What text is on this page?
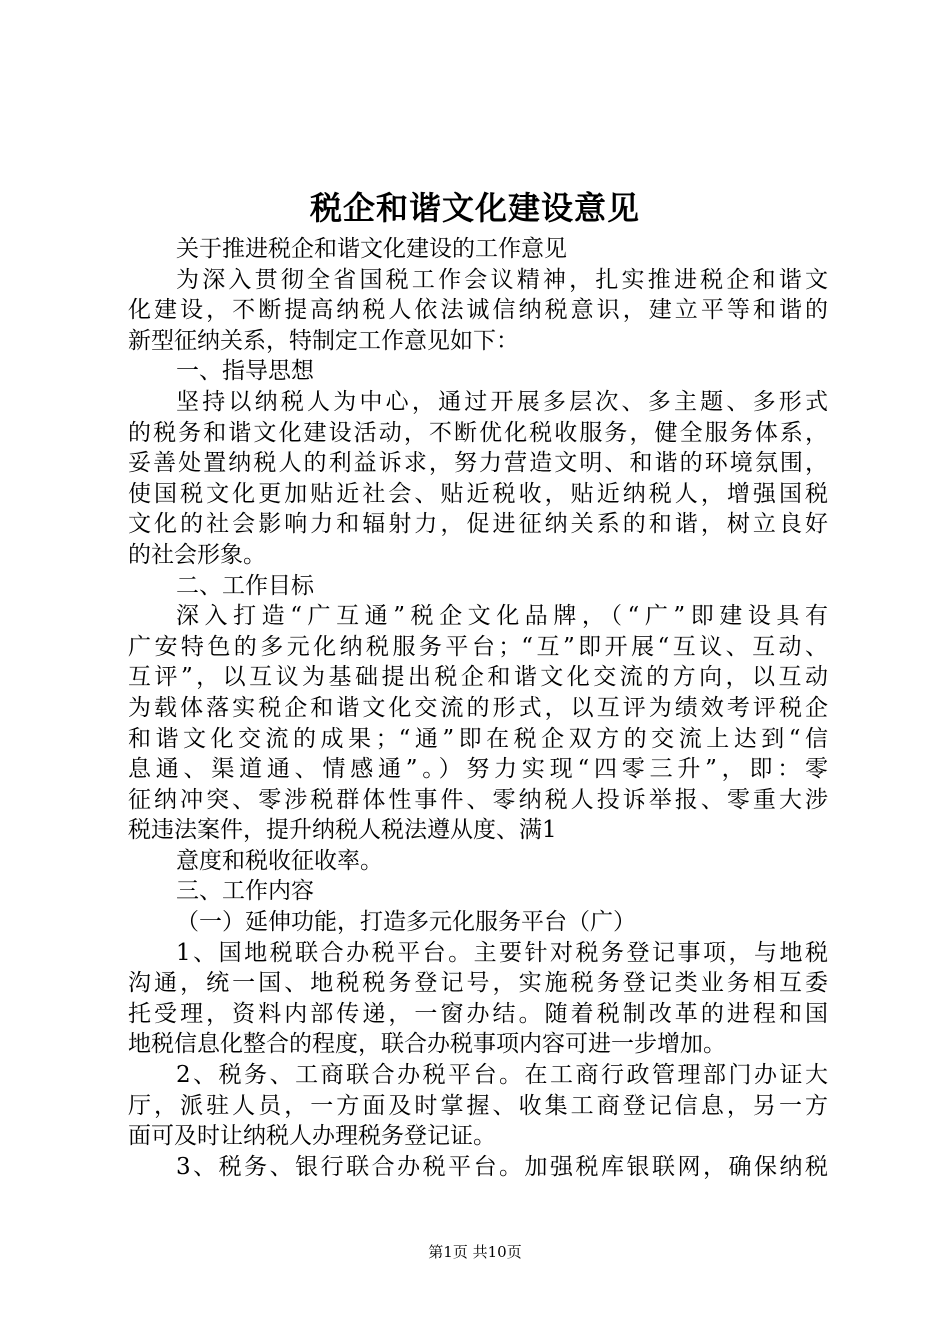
税企和谐文化建设意见
关于推进税企和谐文化建设的工作意见
为深入贯彻全省国税工作会议精神，扎实推进税企和谐文
化建设，不断提高纳税人依法诚信纳税意识，建立平等和谐的
新型征纳关系，特制定工作意见如下：
一、指导思想
坚持以纳税人为中心，通过开展多层次、多主题、多形式
的税务和谐文化建设活动，不断优化税收服务，健全服务体系，
妥善处置纳税人的利益诉求，努力营造文明、和谐的环境氛围，
使国税文化更加贴近社会、贴近税收，贴近纳税人，增强国税
文化的社会影响力和辐射力，促进征纳关系的和谐，树立良好
的社会形象。
二、工作目标
深入打造“广互通”税企文化品牌，（“广”即建设具有
广安特色的多元化纳税服务平台；“互”即开展“互议、互动、
互评”，以互议为基础提出税企和谐文化交流的方向，以互动
为载体落实税企和谐文化交流的形式，以互评为绩效考评税企
和谐文化交流的成果；“通”即在税企双方的交流上达到“信
息通、渠道通、情感通”。）努力实现“四零三升”，即：零
征纳冲突、零涉税群体性事件、零纳税人投诉举报、零重大涉
税违法案件，提升纳税人税法遵从度、满1
意度和税收征收率。
三、工作内容
（一）延伸功能，打造多元化服务平台（广）
1、国地税联合办税平台。主要针对税务登记事项，与地税
沟通，统一国、地税税务登记号，实施税务登记类业务相互委
托受理，资料内部传递，一窗办结。随着税制改革的进程和国
地税信息化整合的程度，联合办税事项内容可进一步增加。
2、税务、工商联合办税平台。在工商行政管理部门办证大
厅，派驻人员，一方面及时掌握、收集工商登记信息，另一方
面可及时让纳税人办理税务登记证。
3、税务、银行联合办税平台。加强税库银联网，确保纳税
第1页 共10页
